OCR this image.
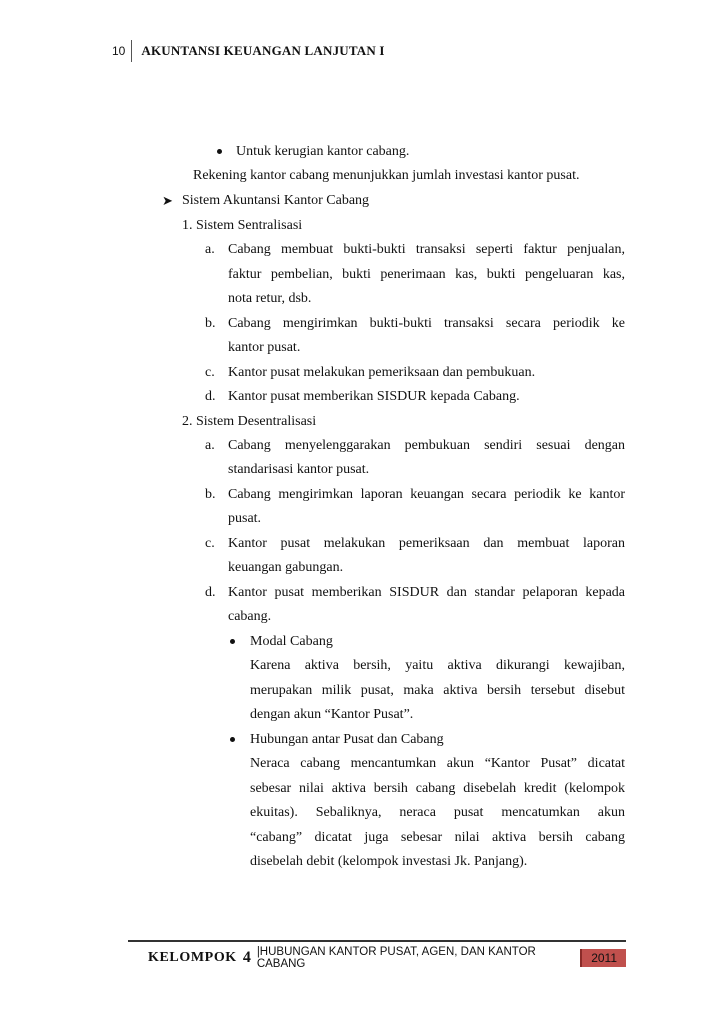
10	AKUNTANSI KEUANGAN LANJUTAN I
Untuk kerugian kantor cabang.
Rekening kantor cabang menunjukkan jumlah investasi kantor pusat.
➤ Sistem Akuntansi Kantor Cabang
1. Sistem Sentralisasi
a. Cabang membuat bukti-bukti transaksi seperti faktur penjualan,
faktur pembelian, bukti penerimaan kas, bukti pengeluaran kas,
nota retur, dsb.
b. Cabang mengirimkan bukti-bukti transaksi secara periodik ke
kantor pusat.
c. Kantor pusat melakukan pemeriksaan dan pembukuan.
d. Kantor pusat memberikan SISDUR kepada Cabang.
2. Sistem Desentralisasi
a. Cabang menyelenggarakan pembukuan sendiri sesuai dengan
standarisasi kantor pusat.
b. Cabang mengirimkan laporan keuangan secara periodik ke kantor
pusat.
c. Kantor pusat melakukan pemeriksaan dan membuat laporan
keuangan gabungan.
d. Kantor pusat memberikan SISDUR dan standar pelaporan kepada
cabang.
Modal Cabang
Karena aktiva bersih, yaitu aktiva dikurangi kewajiban,
merupakan milik pusat, maka aktiva bersih tersebut disebut
dengan akun “Kantor Pusat”.
Hubungan antar Pusat dan Cabang
Neraca cabang mencantumkan akun “Kantor Pusat” dicatat
sebesar nilai aktiva bersih cabang disebelah kredit (kelompok
ekuitas). Sebaliknya, neraca pusat mencatumkan akun
“cabang” dicatat juga sebesar nilai aktiva bersih cabang
disebelah debit (kelompok investasi Jk. Panjang).
KELOMPOK 4 |HUBUNGAN KANTOR PUSAT, AGEN, DAN KANTOR CABANG	2011
